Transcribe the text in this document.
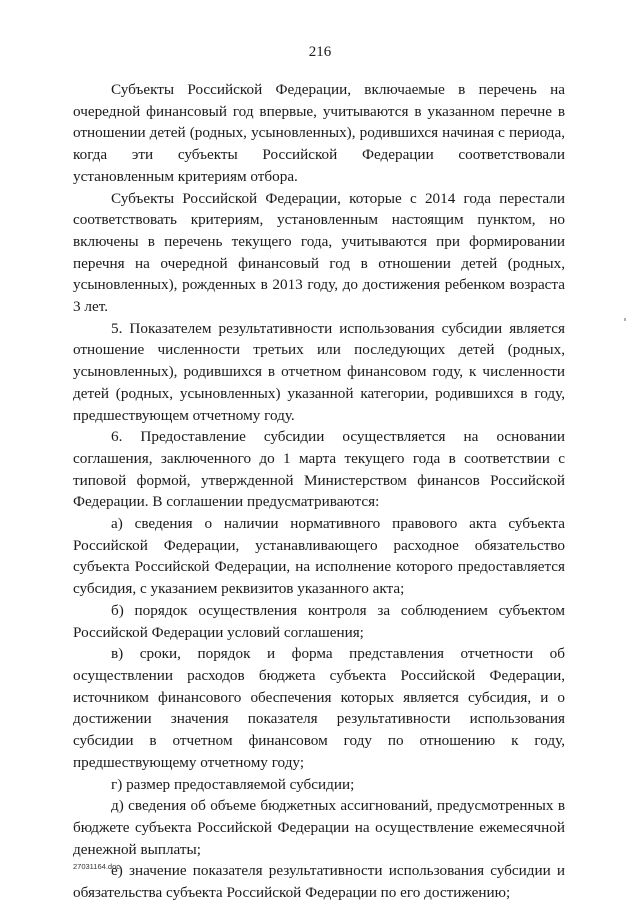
216

Субъекты Российской Федерации, включаемые в перечень на очередной финансовый год впервые, учитываются в указанном перечне в отношении детей (родных, усыновленных), родившихся начиная с периода, когда эти субъекты Российской Федерации соответствовали установленным критериям отбора.

Субъекты Российской Федерации, которые с 2014 года перестали соответствовать критериям, установленным настоящим пунктом, но включены в перечень текущего года, учитываются при формировании перечня на очередной финансовый год в отношении детей (родных, усыновленных), рожденных в 2013 году, до достижения ребенком возраста 3 лет.

5. Показателем результативности использования субсидии является отношение численности третьих или последующих детей (родных, усыновленных), родившихся в отчетном финансовом году, к численности детей (родных, усыновленных) указанной категории, родившихся в году, предшествующем отчетному году.

6. Предоставление субсидии осуществляется на основании соглашения, заключенного до 1 марта текущего года в соответствии с типовой формой, утвержденной Министерством финансов Российской Федерации. В соглашении предусматриваются:

а) сведения о наличии нормативного правового акта субъекта Российской Федерации, устанавливающего расходное обязательство субъекта Российской Федерации, на исполнение которого предоставляется субсидия, с указанием реквизитов указанного акта;

б) порядок осуществления контроля за соблюдением субъектом Российской Федерации условий соглашения;

в) сроки, порядок и форма представления отчетности об осуществлении расходов бюджета субъекта Российской Федерации, источником финансового обеспечения которых является субсидия, и о достижении значения показателя результативности использования субсидии в отчетном финансовом году по отношению к году, предшествующему отчетному году;

г) размер предоставляемой субсидии;

д) сведения об объеме бюджетных ассигнований, предусмотренных в бюджете субъекта Российской Федерации на осуществление ежемесячной денежной выплаты;

е) значение показателя результативности использования субсидии и обязательства субъекта Российской Федерации по его достижению;

27031164.doc
